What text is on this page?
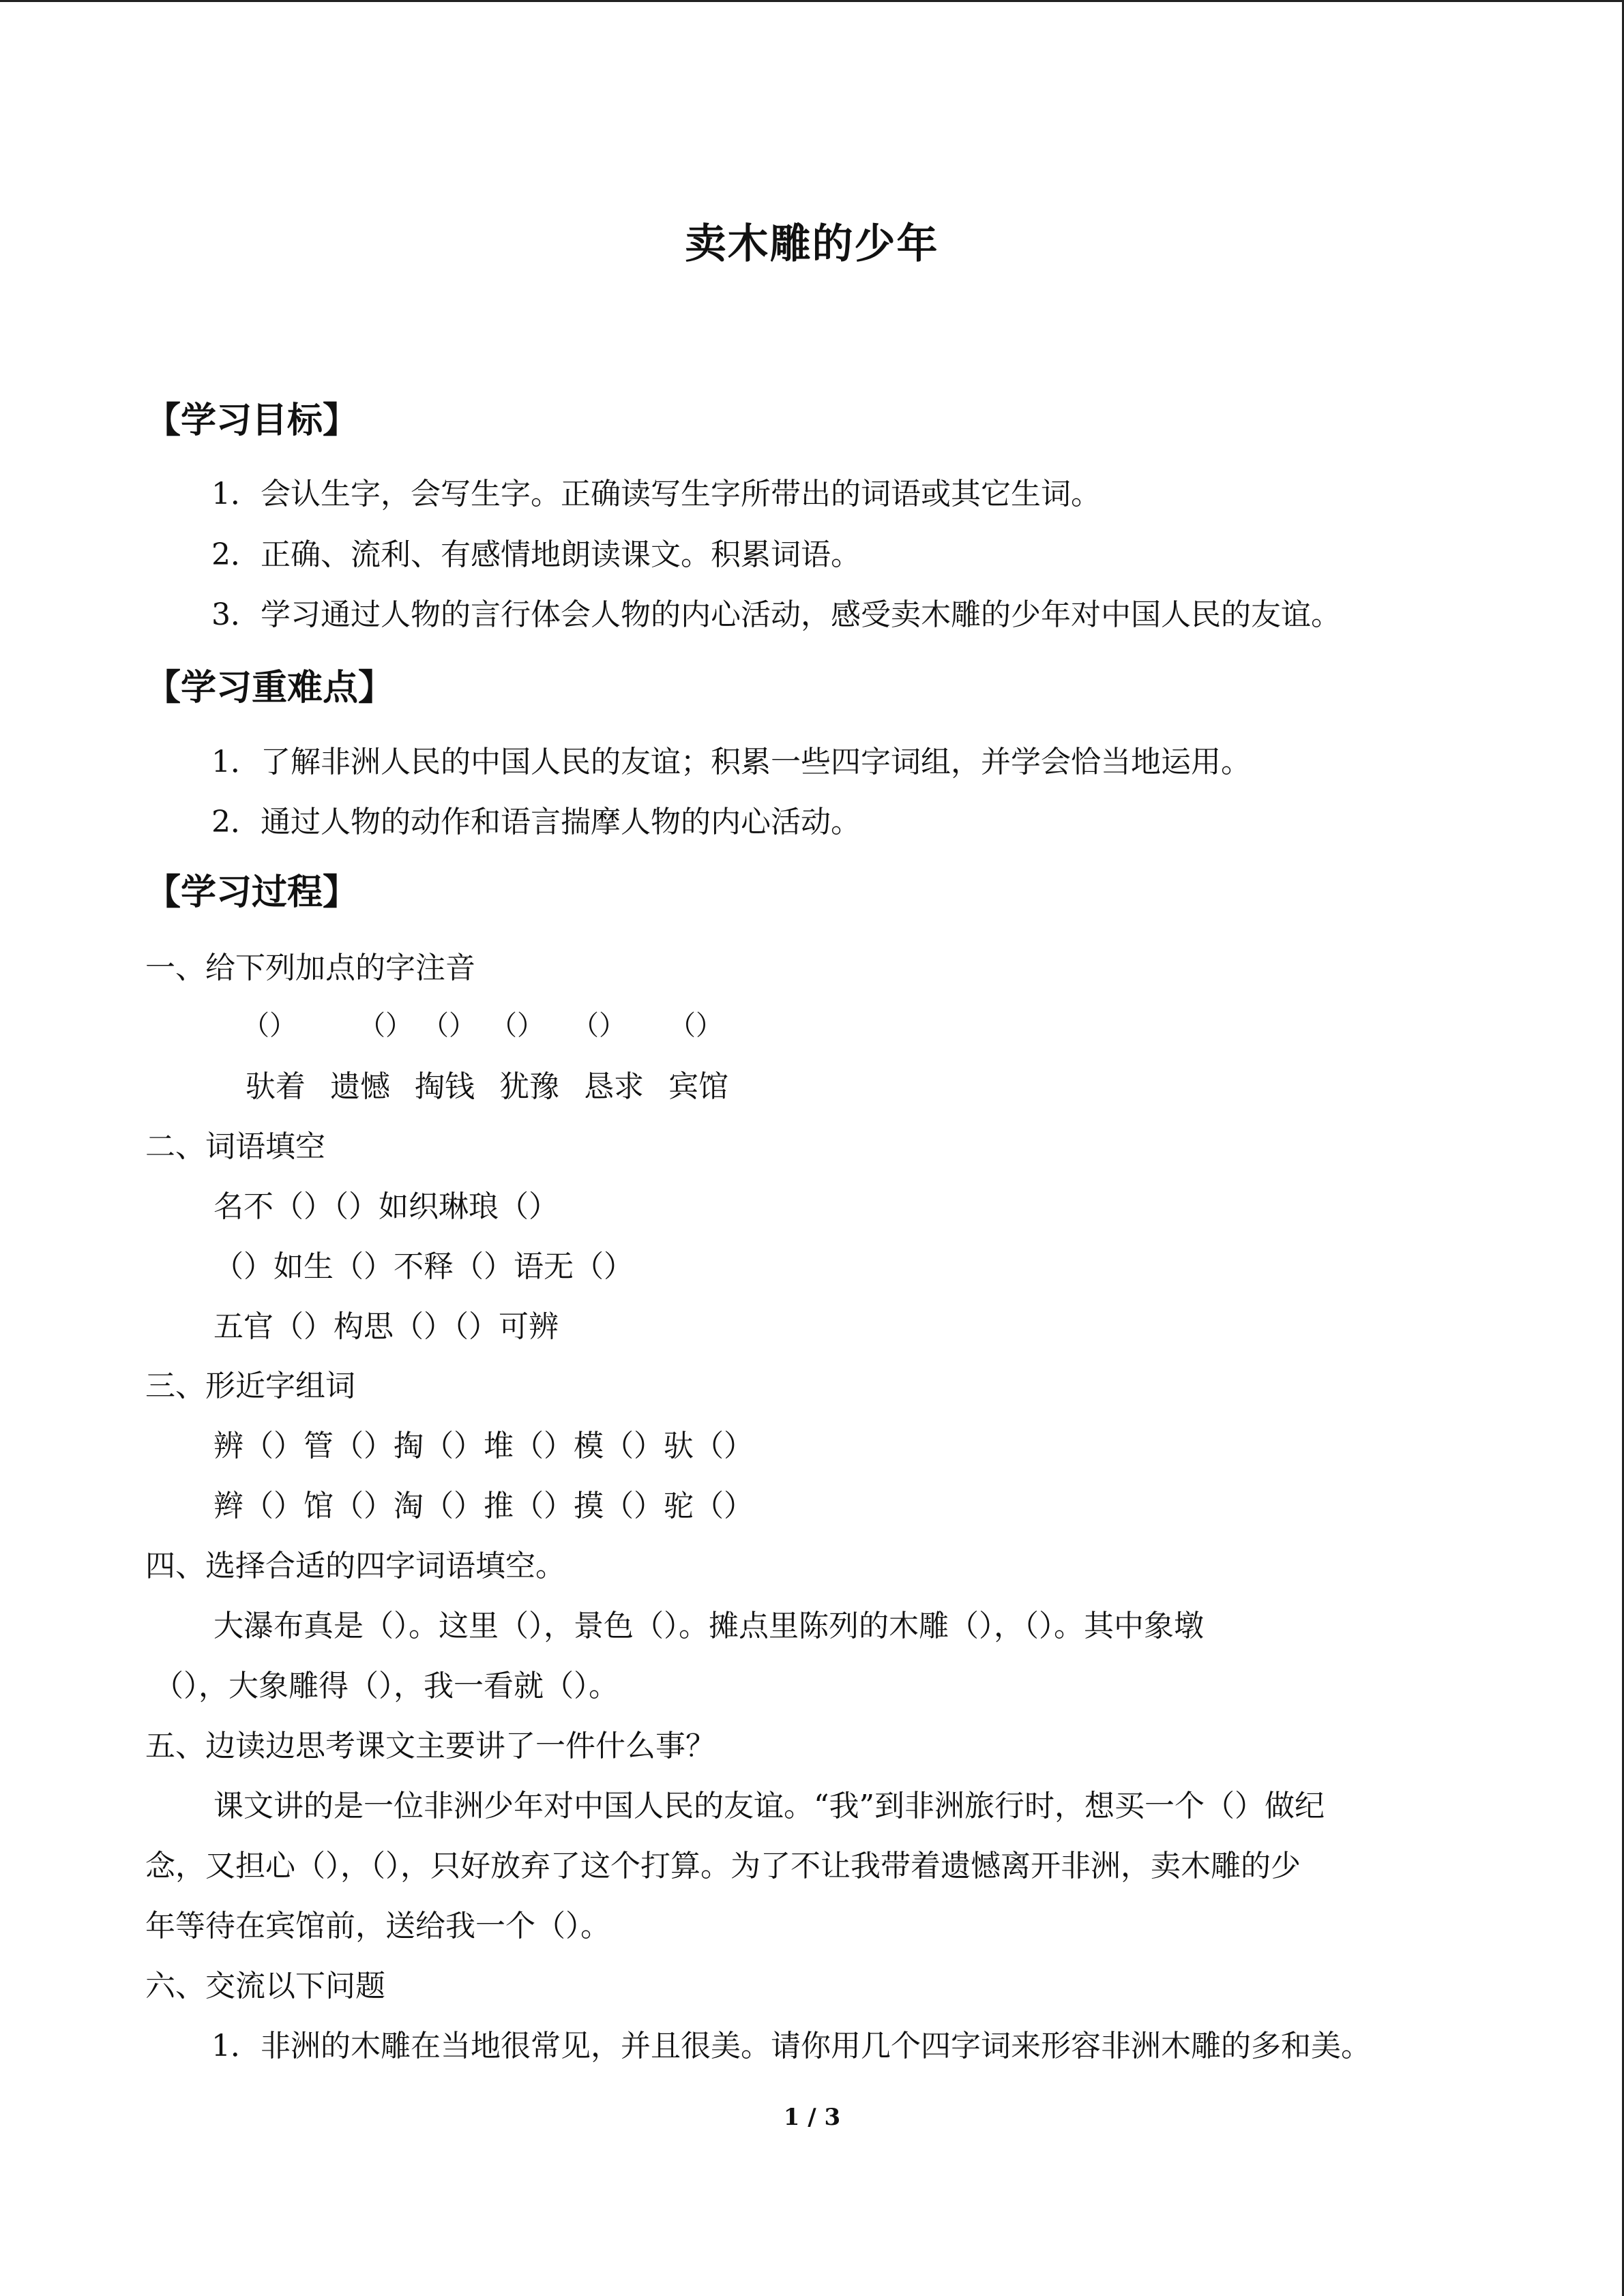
卖木雕的少年
【学习目标】
1．会认生字，会写生字。正确读写生字所带出的词语或其它生词。
2．正确、流利、有感情地朗读课文。积累词语。
3．学习通过人物的言行体会人物的内心活动，感受卖木雕的少年对中国人民的友谊。
【学习重难点】
1．了解非洲人民的中国人民的友谊；积累一些四字词组，并学会恰当地运用。
2．通过人物的动作和语言揣摩人物的内心活动。
【学习过程】
一、给下列加点的字注音
（） （） （） （） （） （）
驮着 遗憾 掏钱 犹豫 恳求 宾馆
二、词语填空
名不（）（）如织琳琅（）
（）如生（）不释（）语无（）
五官（）构思（）（）可辨
三、形近字组词
辨（）管（）掏（）堆（）模（）驮（）
辫（）馆（）淘（）推（）摸（）驼（）
四、选择合适的四字词语填空。
大瀑布真是（）。这里（），景色（）。摊点里陈列的木雕（），（）。其中象墩
（），大象雕得（），我一看就（）。
五、边读边思考课文主要讲了一件什么事？
课文讲的是一位非洲少年对中国人民的友谊。“我”到非洲旅行时，想买一个（）做纪
念，又担心（），（），只好放弃了这个打算。为了不让我带着遗憾离开非洲，卖木雕的少
年等待在宾馆前，送给我一个（）。
六、交流以下问题
1．非洲的木雕在当地很常见，并且很美。请你用几个四字词来形容非洲木雕的多和美。
1 / 3
